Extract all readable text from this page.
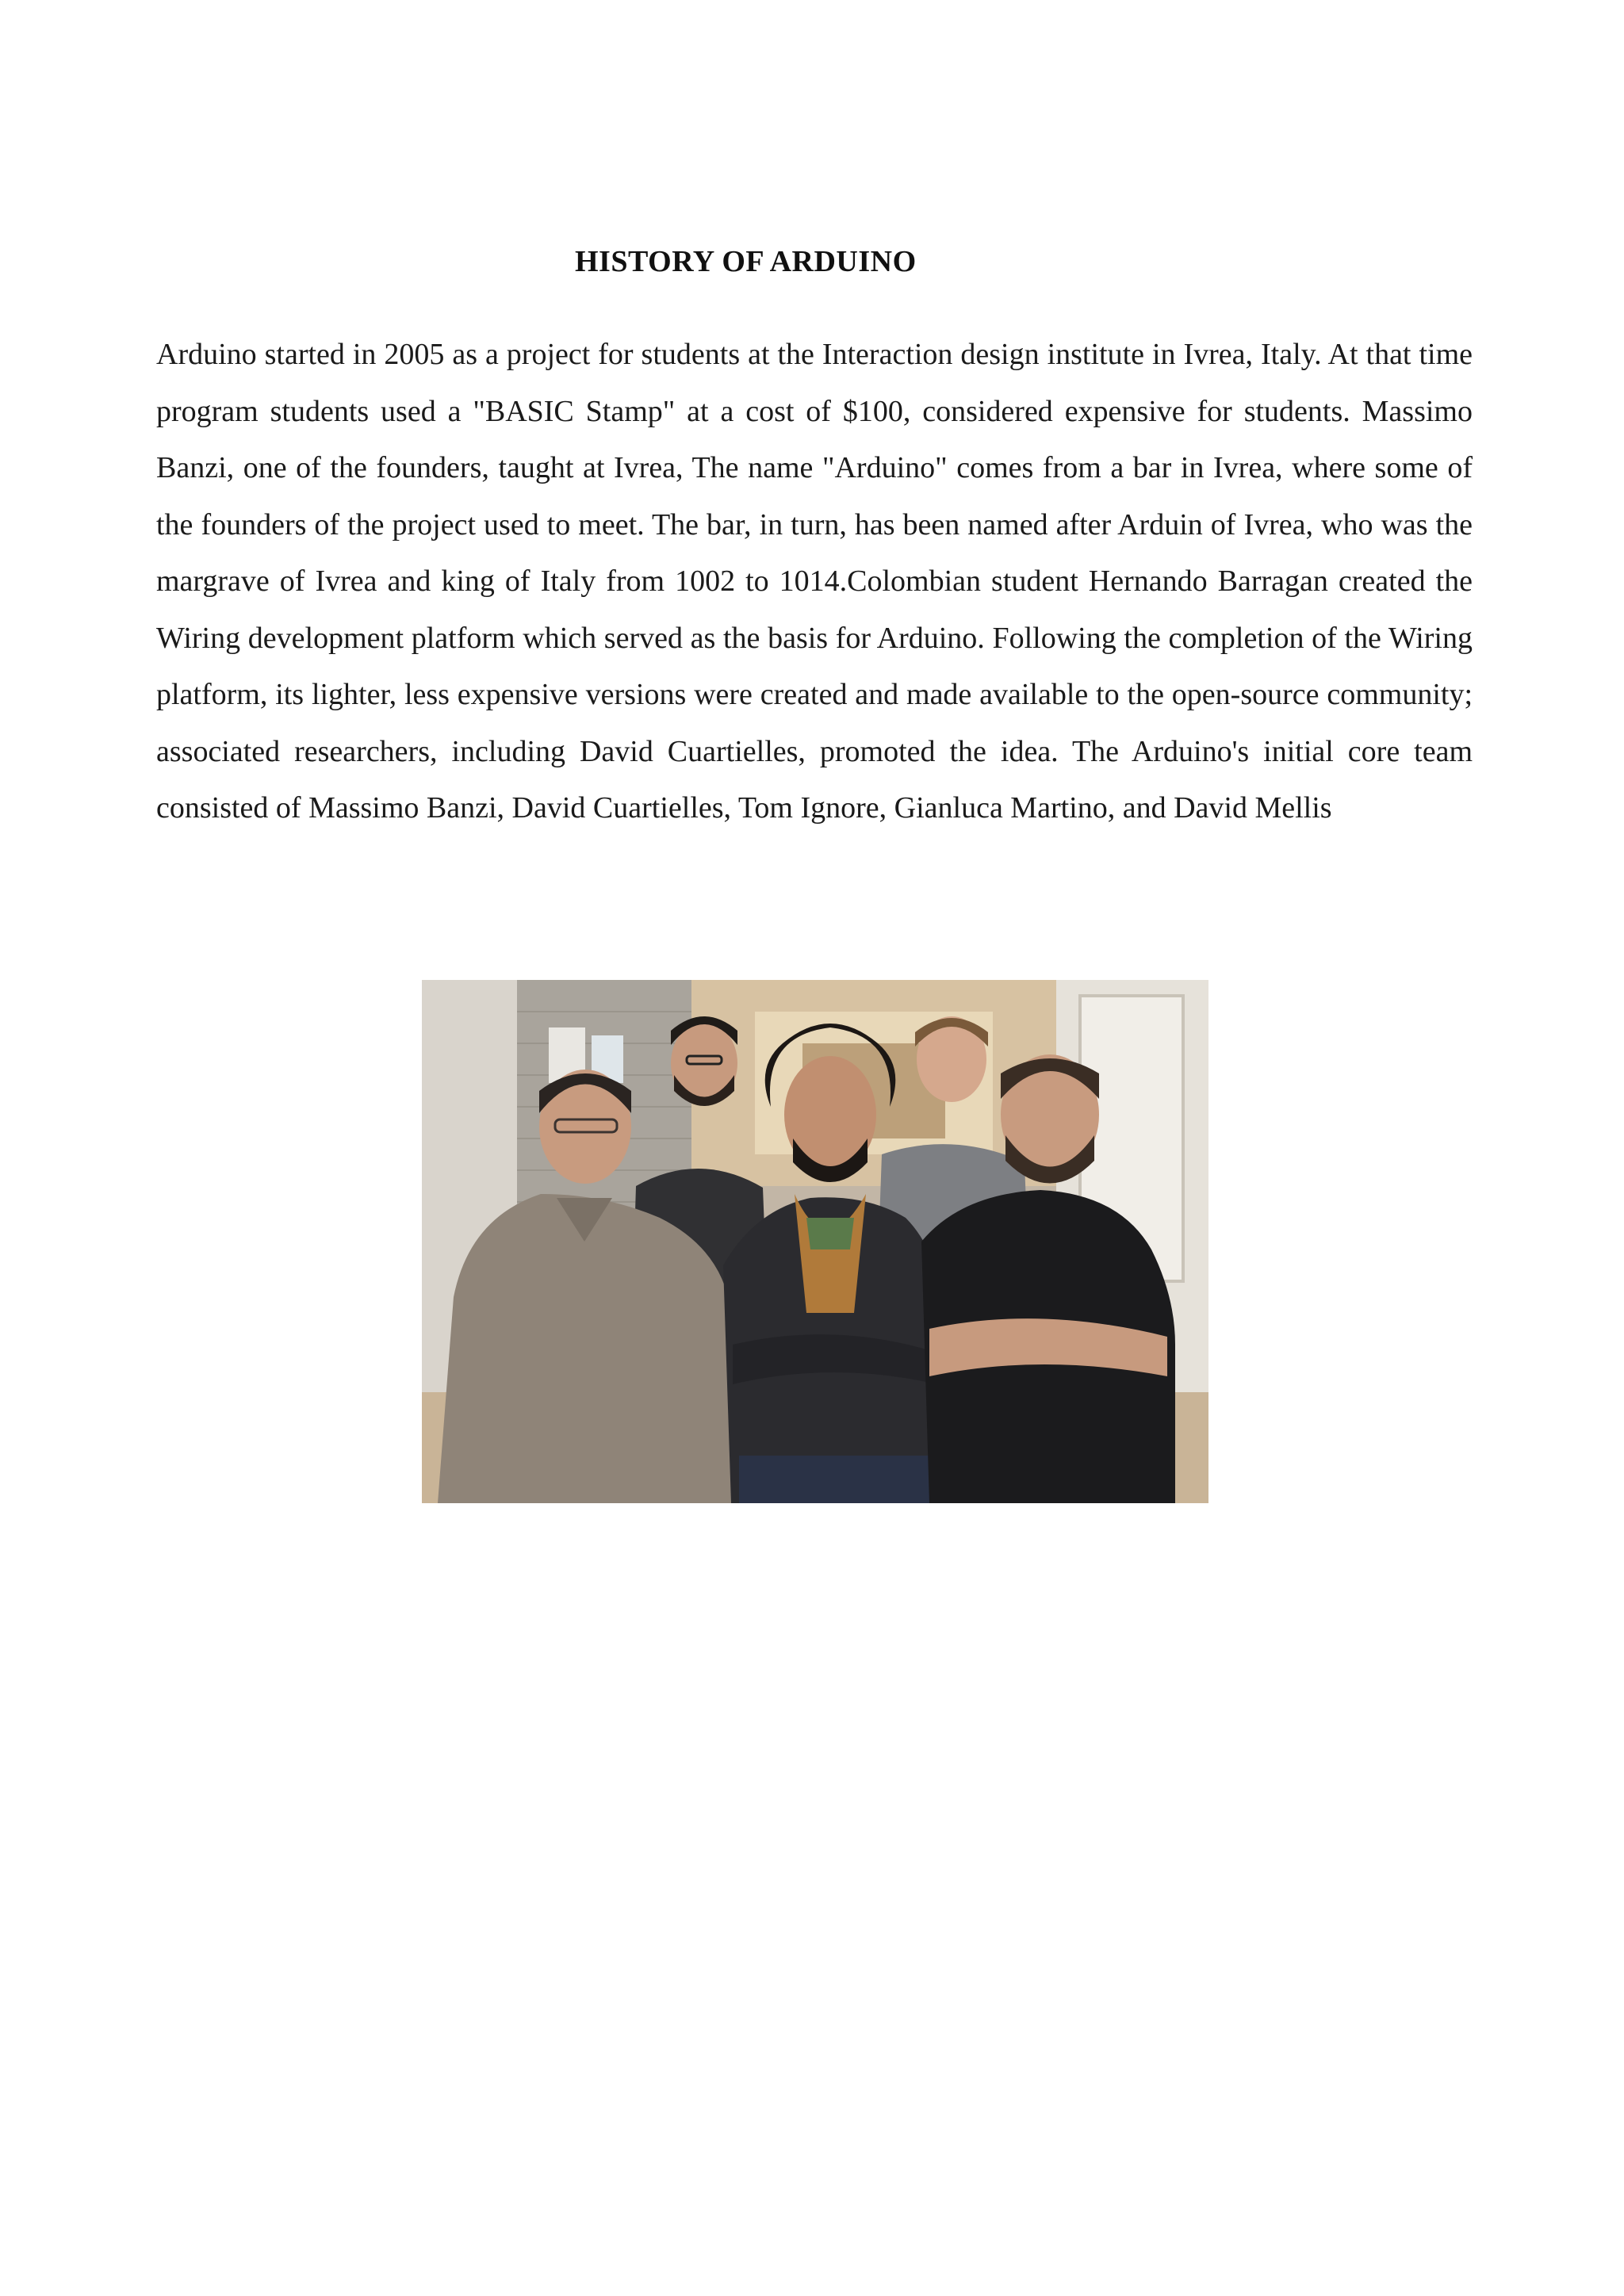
HISTORY OF ARDUINO

Arduino started in 2005 as a project for students at the Interaction design institute in Ivrea, Italy. At that time program students used a "BASIC Stamp" at a cost of $100, considered expensive for students. Massimo Banzi, one of the founders, taught at Ivrea, The name "Arduino" comes from a bar in Ivrea, where some of the founders of the project used to meet. The bar, in turn, has been named after Arduin of Ivrea, who was the margrave of Ivrea and king of Italy from 1002 to 1014.Colombian student Hernando Barragan created the Wiring development platform which served as the basis for Arduino. Following the completion of the Wiring platform, its lighter, less expensive versions were created and made available to the open-source community; associated researchers, including David Cuartielles, promoted the idea. The Arduino's initial core team consisted of Massimo Banzi, David Cuartielles, Tom Ignore, Gianluca Martino, and David Mellis
